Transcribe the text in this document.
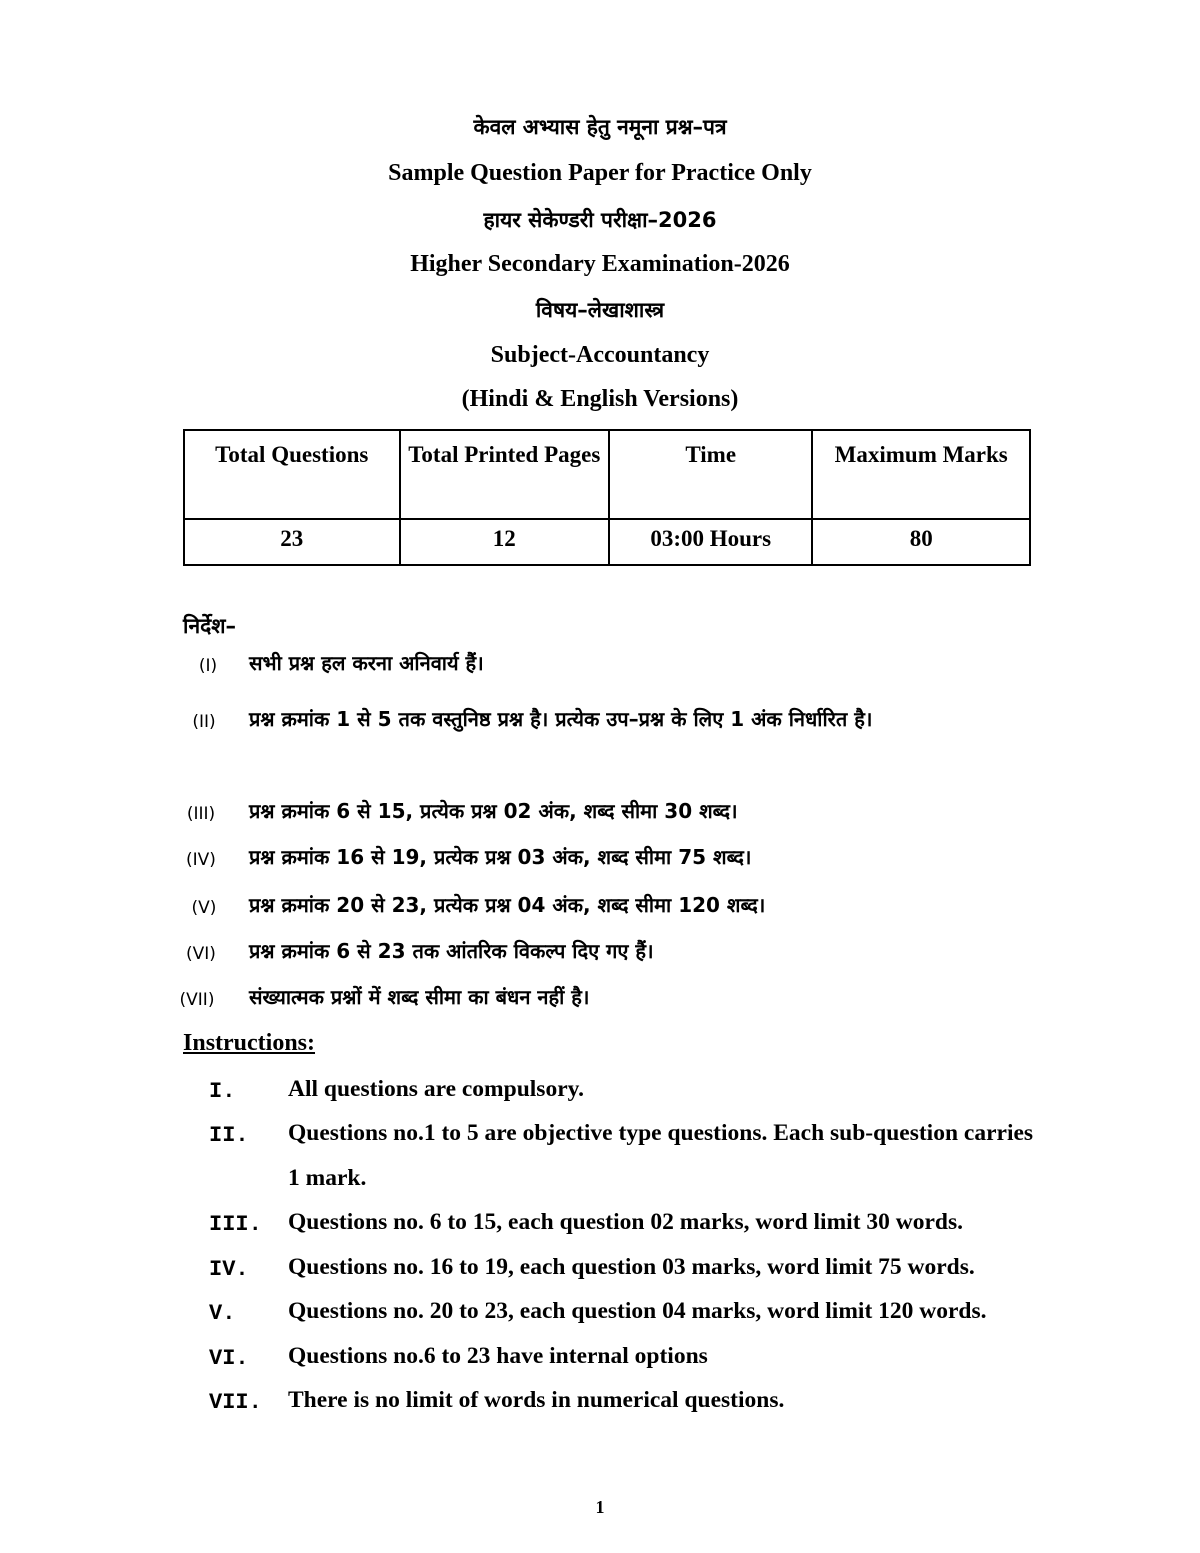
केवल अभ्यास हेतु नमूना प्रश्न–पत्र
Sample Question Paper for Practice Only
हायर सेकेण्डरी परीक्षा–2026
Higher Secondary Examination-2026
विषय–लेखाशास्त्र
Subject-Accountancy
(Hindi & English Versions)
Total Questions	Total Printed Pages	Time	Maximum Marks
23	12	03:00 Hours	80
निर्देश–
(I)	सभी प्रश्न हल करना अनिवार्य हैं।
(II)	प्रश्न क्रमांक 1 से 5 तक वस्तुनिष्ठ प्रश्न है। प्रत्येक उप–प्रश्न के लिए 1 अंक निर्धारित है।
(III)	प्रश्न क्रमांक 6 से 15, प्रत्येक प्रश्न 02 अंक, शब्द सीमा 30 शब्द।
(IV)	प्रश्न क्रमांक 16 से 19, प्रत्येक प्रश्न 03 अंक, शब्द सीमा 75 शब्द।
(V)	प्रश्न क्रमांक 20 से 23, प्रत्येक प्रश्न 04 अंक, शब्द सीमा 120 शब्द।
(VI)	प्रश्न क्रमांक 6 से 23 तक आंतरिक विकल्प दिए गए हैं।
(VII)	संख्यात्मक प्रश्नों में शब्द सीमा का बंधन नहीं है।
Instructions:
I. All questions are compulsory.
II. Questions no.1 to 5 are objective type questions. Each sub-question carries 1 mark.
III. Questions no. 6 to 15, each question 02 marks, word limit 30 words.
IV. Questions no. 16 to 19, each question 03 marks, word limit 75 words.
V. Questions no. 20 to 23, each question 04 marks, word limit 120 words.
VI. Questions no.6 to 23 have internal options
VII. There is no limit of words in numerical questions.
1
